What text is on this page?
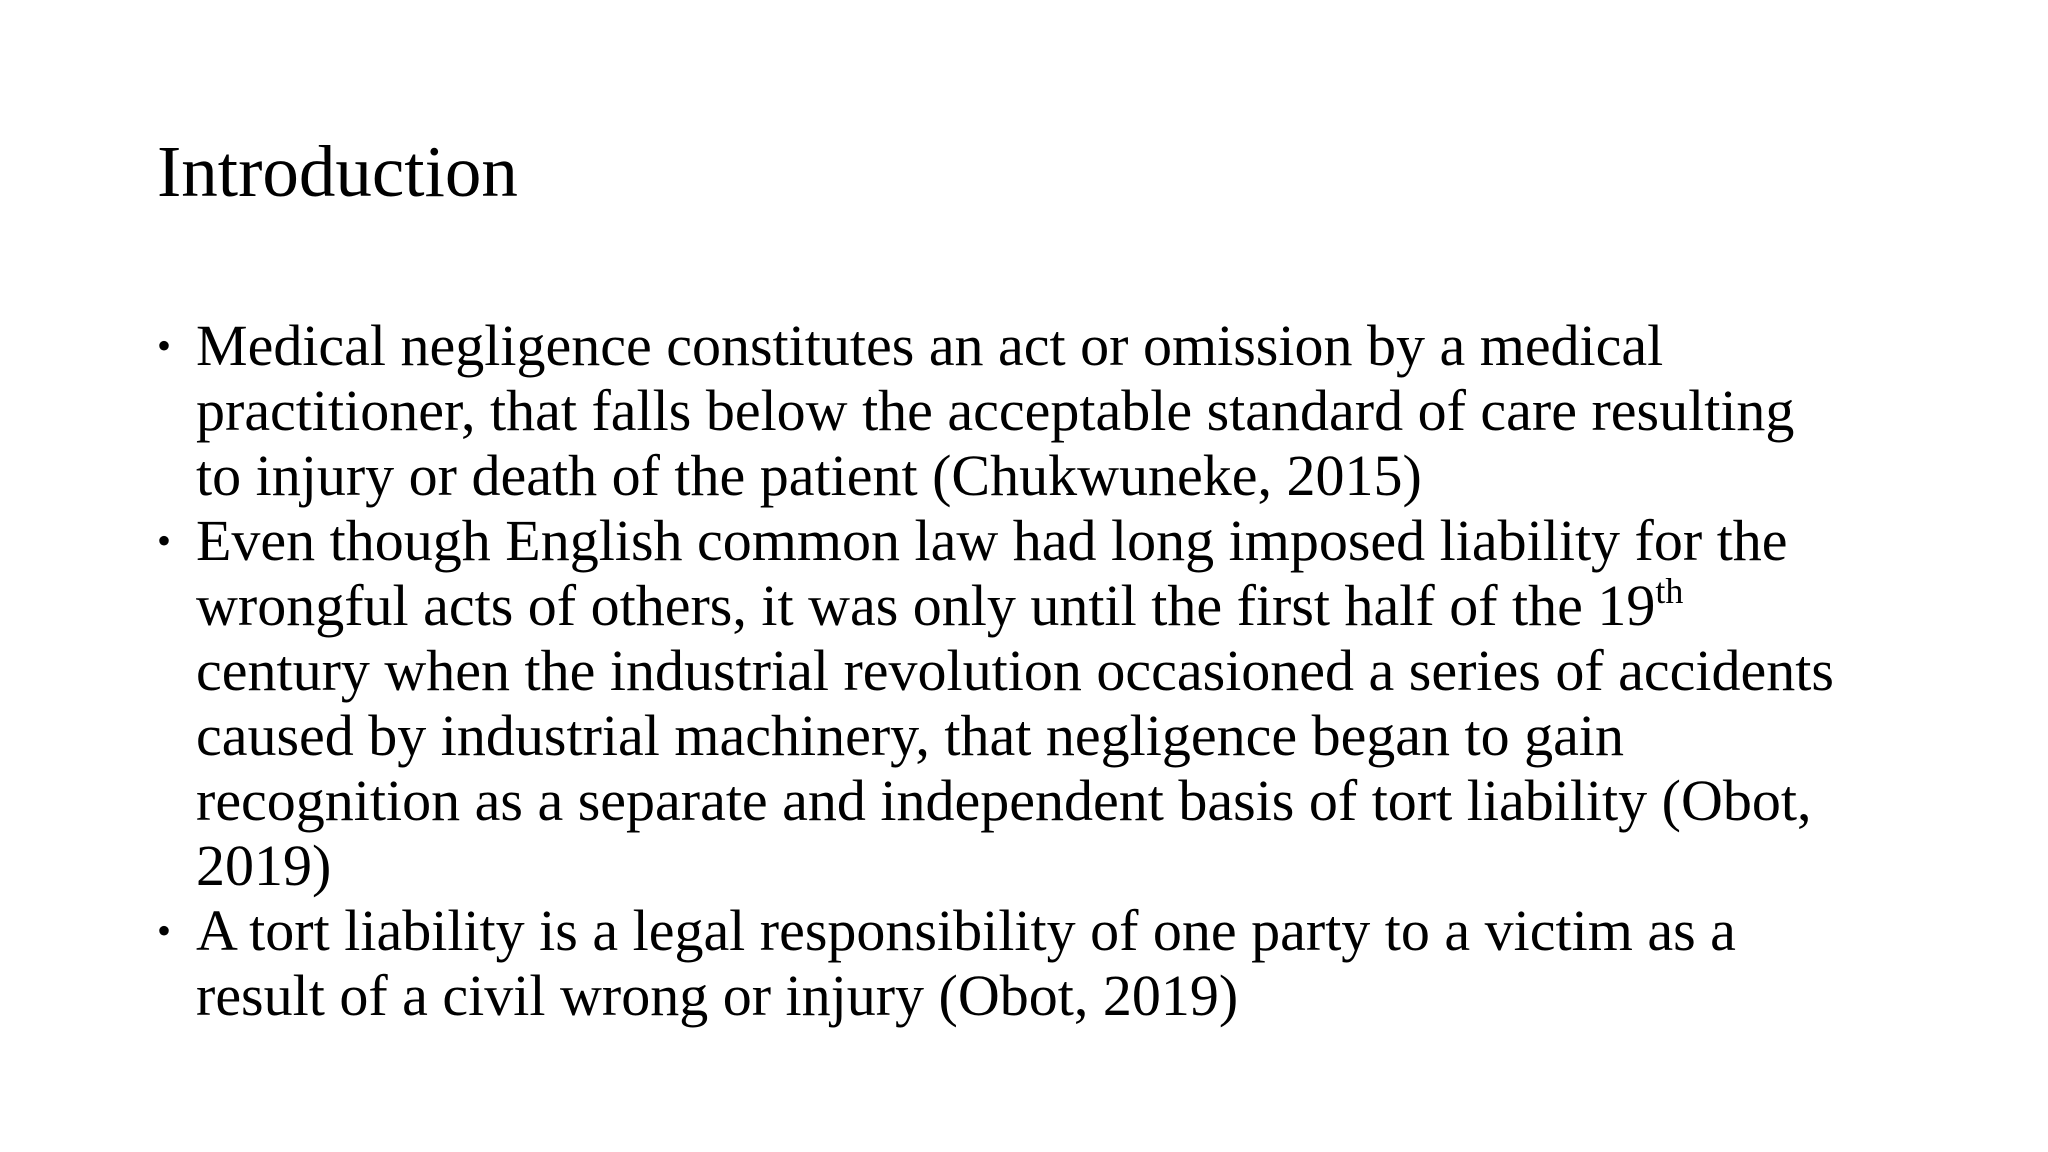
Introduction
• Medical negligence constitutes an act or omission by a medical
practitioner, that falls below the acceptable standard of care resulting
to injury or death of the patient (Chukwuneke, 2015)
• Even though English common law had long imposed liability for the
wrongful acts of others, it was only until the first half of the 19th
century when the industrial revolution occasioned a series of accidents
caused by industrial machinery, that negligence began to gain
recognition as a separate and independent basis of tort liability (Obot,
2019)
• A tort liability is a legal responsibility of one party to a victim as a
result of a civil wrong or injury (Obot, 2019)
